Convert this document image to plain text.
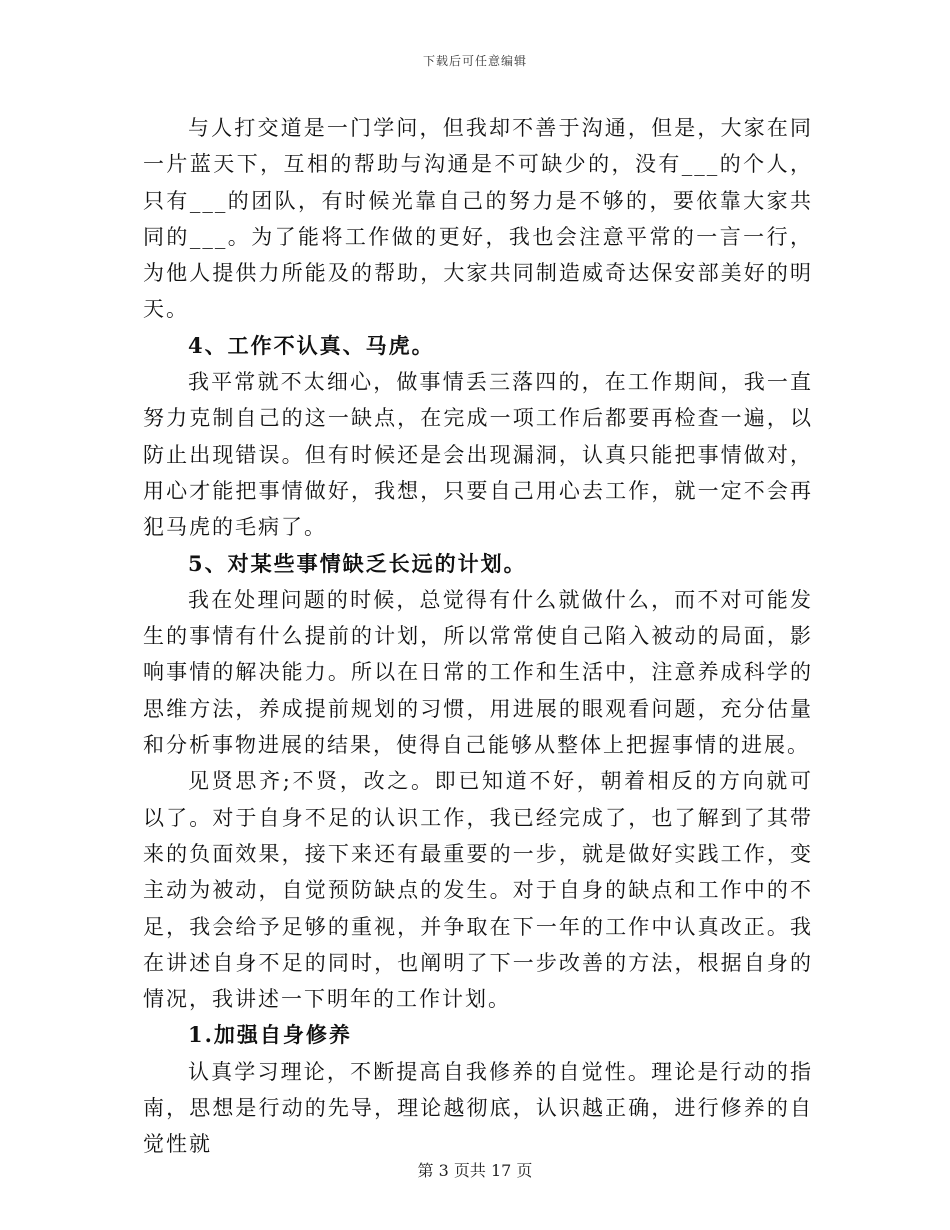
下载后可任意编辑

与人打交道是一门学问，但我却不善于沟通，但是，大家在同一片蓝天下，互相的帮助与沟通是不可缺少的，没有___的个人，只有___的团队，有时候光靠自己的努力是不够的，要依靠大家共同的___。为了能将工作做的更好，我也会注意平常的一言一行，为他人提供力所能及的帮助，大家共同制造威奇达保安部美好的明天。

4、工作不认真、马虎。

我平常就不太细心，做事情丢三落四的，在工作期间，我一直努力克制自己的这一缺点，在完成一项工作后都要再检查一遍，以防止出现错误。但有时候还是会出现漏洞，认真只能把事情做对，用心才能把事情做好，我想，只要自己用心去工作，就一定不会再犯马虎的毛病了。

5、对某些事情缺乏长远的计划。

我在处理问题的时候，总觉得有什么就做什么，而不对可能发生的事情有什么提前的计划，所以常常使自己陷入被动的局面，影响事情的解决能力。所以在日常的工作和生活中，注意养成科学的思维方法，养成提前规划的习惯，用进展的眼观看问题，充分估量和分析事物进展的结果，使得自己能够从整体上把握事情的进展。

见贤思齐;不贤，改之。即已知道不好，朝着相反的方向就可以了。对于自身不足的认识工作，我已经完成了，也了解到了其带来的负面效果，接下来还有最重要的一步，就是做好实践工作，变主动为被动，自觉预防缺点的发生。对于自身的缺点和工作中的不足，我会给予足够的重视，并争取在下一年的工作中认真改正。我在讲述自身不足的同时，也阐明了下一步改善的方法，根据自身的情况，我讲述一下明年的工作计划。

1.加强自身修养

认真学习理论，不断提高自我修养的自觉性。理论是行动的指南，思想是行动的先导，理论越彻底，认识越正确，进行修养的自觉性就

第 3 页共 17 页
